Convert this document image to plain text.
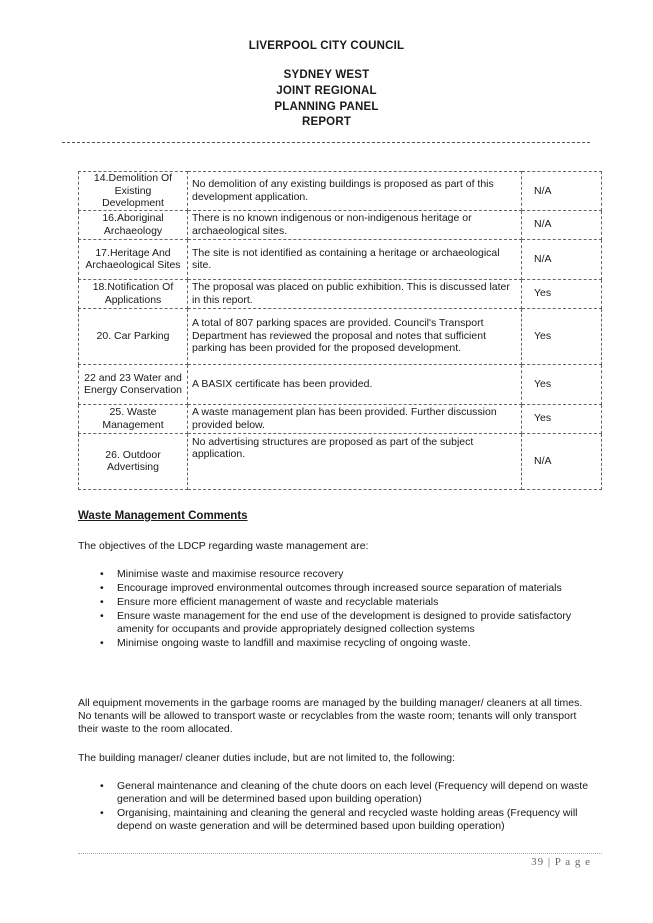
LIVERPOOL CITY COUNCIL
SYDNEY WEST
JOINT REGIONAL
PLANNING PANEL
REPORT
14.Demolition Of Existing Development	No demolition of any existing buildings is proposed as part of this development application.	N/A
16.Aboriginal Archaeology	There is no known indigenous or non-indigenous heritage or archaeological sites.	N/A
17.Heritage And Archaeological Sites	The site is not identified as containing a heritage or archaeological site.	N/A
18.Notification Of Applications	The proposal was placed on public exhibition. This is discussed later in this report.	Yes
20. Car Parking	A total of 807 parking spaces are provided. Council's Transport Department has reviewed the proposal and notes that sufficient parking has been provided for the proposed development.	Yes
22 and 23 Water and Energy Conservation	A BASIX certificate has been provided.	Yes
25. Waste Management	A waste management plan has been provided. Further discussion provided below.	Yes
26. Outdoor Advertising	No advertising structures are proposed as part of the subject application.	N/A
Waste Management Comments
The objectives of the LDCP regarding waste management are:
• Minimise waste and maximise resource recovery
• Encourage improved environmental outcomes through increased source separation of materials
• Ensure more efficient management of waste and recyclable materials
• Ensure waste management for the end use of the development is designed to provide satisfactory amenity for occupants and provide appropriately designed collection systems
• Minimise ongoing waste to landfill and maximise recycling of ongoing waste.
All equipment movements in the garbage rooms are managed by the building manager/ cleaners at all times. No tenants will be allowed to transport waste or recyclables from the waste room; tenants will only transport their waste to the room allocated.
The building manager/ cleaner duties include, but are not limited to, the following:
• General maintenance and cleaning of the chute doors on each level (Frequency will depend on waste generation and will be determined based upon building operation)
• Organising, maintaining and cleaning the general and recycled waste holding areas (Frequency will depend on waste generation and will be determined based upon building operation)
39 | P a g e
